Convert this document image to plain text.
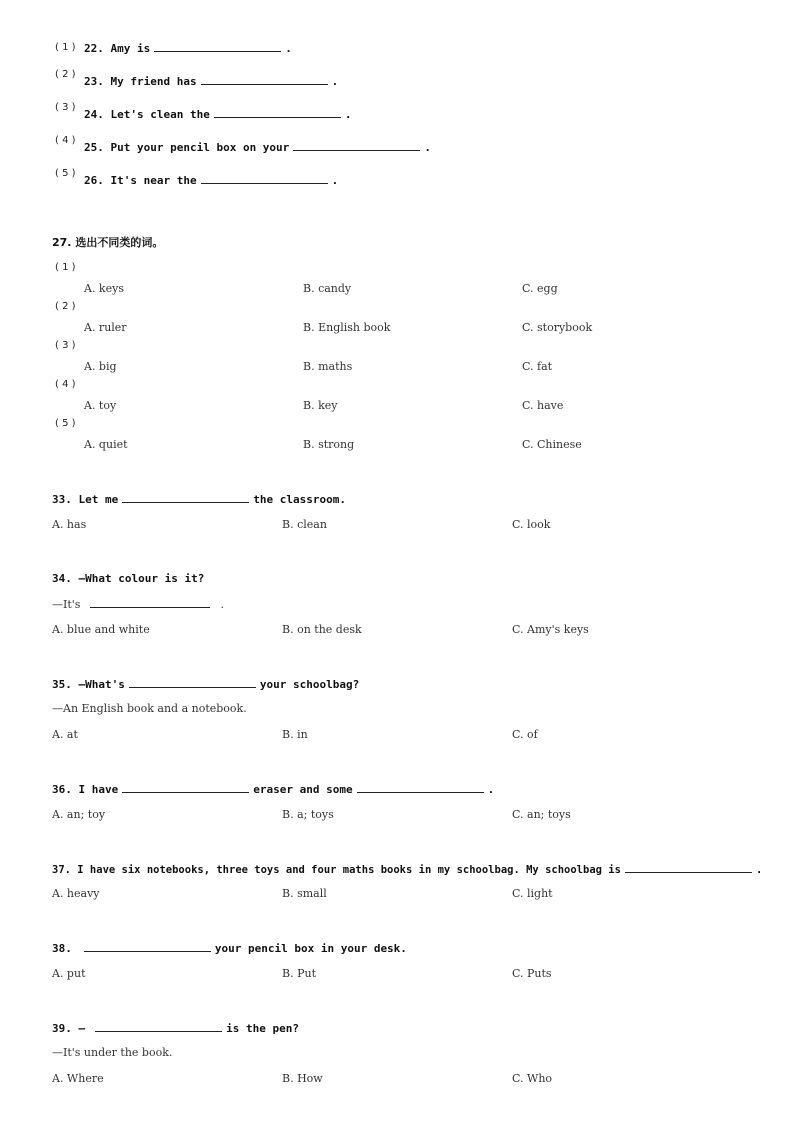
( 1 ) 22. Amy is	.
( 2 )
23. My friend has	.
( 3 )
24. Let's clean the	.
( 4 )
25. Put your pencil box on your	.
( 5 )
26. It's near the	.
27. 选出不同类的词。
( 1 )
A. keys	B. candy	C. egg
( 2 )
A. ruler	B. English book	C. storybook
( 3 )
A. big	B. maths	C. fat
( 4 )
A. toy	B. key	C. have
( 5 )
A. quiet	B. strong	C. Chinese
33. Let me	the classroom.
A. has	B. clean	C. look
34. —What colour is it?
—It's	.
A. blue and white	B. on the desk	C. Amy's keys
35. —What's	your schoolbag?
—An English book and a notebook.
A. at	B. in	C. of
36. I have	eraser and some	.
A. an; toy	B. a; toys	C. an; toys
37. I have six notebooks, three toys and four maths books in my schoolbag. My schoolbag is	.
A. heavy	B. small	C. light
38.	your pencil box in your desk.
A. put	B. Put	C. Puts
39. —	is the pen?
—It's under the book.
A. Where	B. How	C. Who
